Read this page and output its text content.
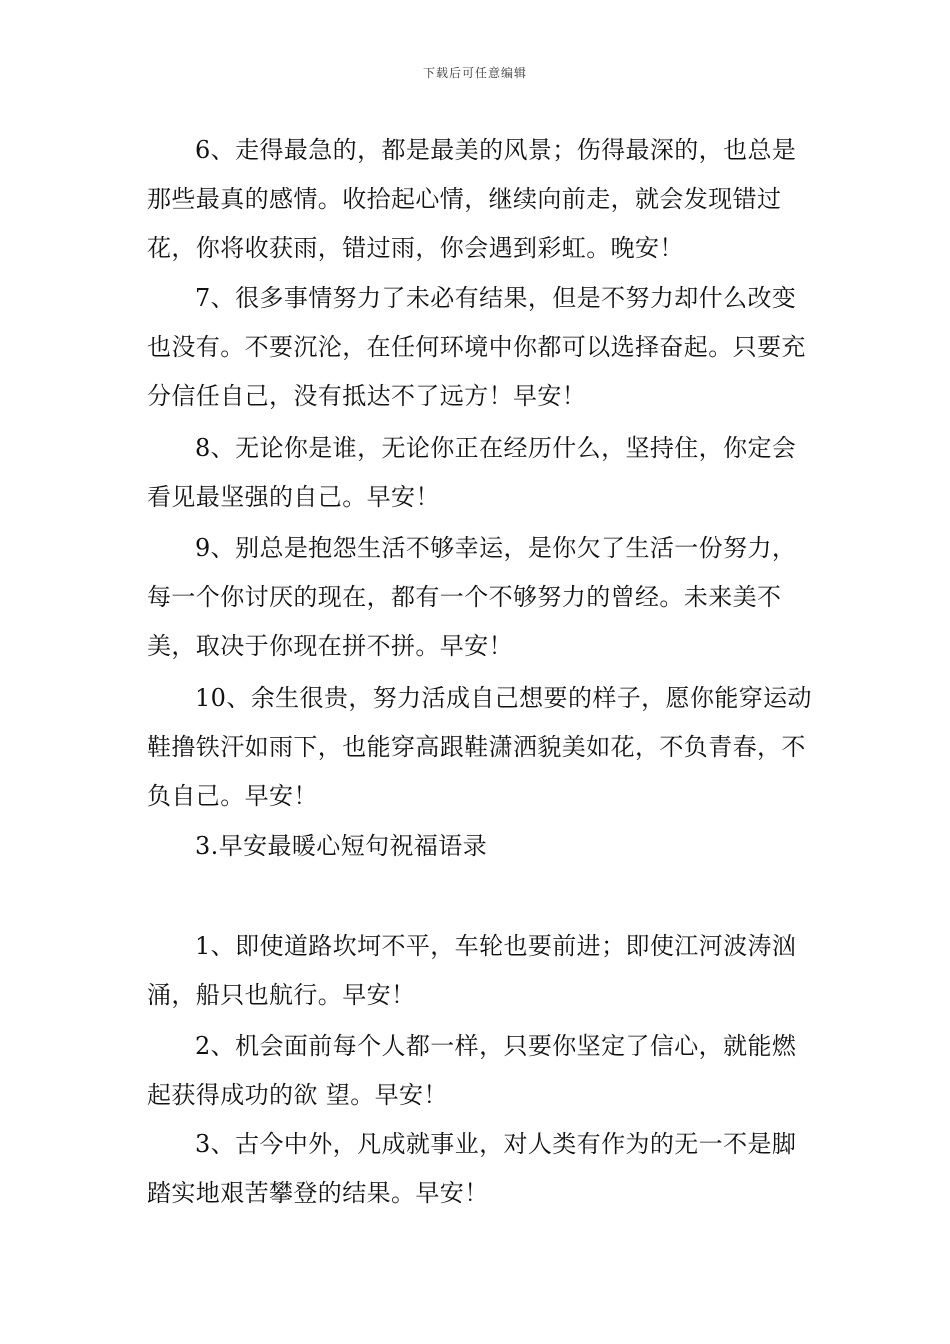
下载后可任意编辑

6、走得最急的，都是最美的风景；伤得最深的，也总是那些最真的感情。收拾起心情，继续向前走，就会发现错过花，你将收获雨，错过雨，你会遇到彩虹。晚安！

7、很多事情努力了未必有结果，但是不努力却什么改变也没有。不要沉沦，在任何环境中你都可以选择奋起。只要充分信任自己，没有抵达不了远方！早安！

8、无论你是谁，无论你正在经历什么，坚持住，你定会看见最坚强的自己。早安！

9、别总是抱怨生活不够幸运，是你欠了生活一份努力，每一个你讨厌的现在，都有一个不够努力的曾经。未来美不美，取决于你现在拼不拼。早安！

10、余生很贵，努力活成自己想要的样子，愿你能穿运动鞋撸铁汗如雨下，也能穿高跟鞋潇洒貌美如花，不负青春，不负自己。早安！

3.早安最暖心短句祝福语录

1、即使道路坎坷不平，车轮也要前进；即使江河波涛汹涌，船只也航行。早安！

2、机会面前每个人都一样，只要你坚定了信心，就能燃起获得成功的欲 望。早安！

3、古今中外，凡成就事业，对人类有作为的无一不是脚踏实地艰苦攀登的结果。早安！
